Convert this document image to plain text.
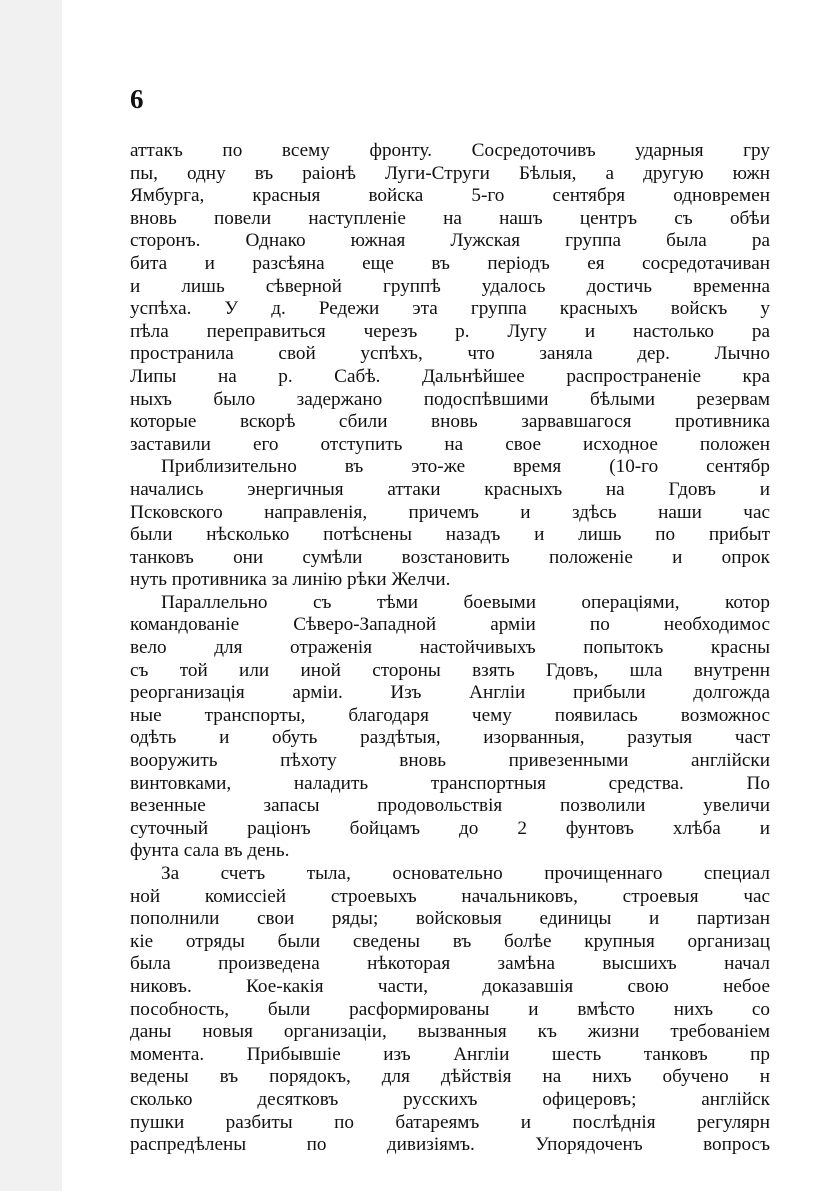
6
аттакъ по всему фронту. Сосредоточивъ ударныя гру
пы, одну въ раіонѣ Луги-Струги Бѣлыя, а другую южн
Ямбурга, красныя войска 5-го сентября одновремен
вновь повели наступленіе на нашъ центръ съ обѣи
сторонъ. Однако южная Лужская группа была ра
бита и разсѣяна еще въ періодъ ея сосредотачиван
и лишь сѣверной группѣ удалось достичь временна
успѣха. У д. Редежи эта группа красныхъ войскъ у
пѣла переправиться черезъ р. Лугу и настолько ра
пространила свой успѣхъ, что заняла дер. Лычно
Липы на р. Сабѣ. Дальнѣйшее распространеніе кра
ныхъ было задержано подоспѣвшими бѣлыми резервам
которые вскорѣ сбили вновь зарвавшагося противника
заставили его отступить на свое исходное положен
Приблизительно въ это-же время (10-го сентябр
начались энергичныя аттаки красныхъ на Гдовъ и
Псковского направленія, причемъ и здѣсь наши час
были нѣсколько потѣснены назадъ и лишь по прибыт
танковъ они сумѣли возстановить положеніе и опрок
нуть противника за линію рѣки Желчи.
Параллельно съ тѣми боевыми операціями, котор
командованіе Сѣверо-Западной арміи по необходимос
вело для отраженія настойчивыхъ попытокъ красны
съ той или иной стороны взять Гдовъ, шла внутренн
реорганизація арміи. Изъ Англіи прибыли долгожда
ные транспорты, благодаря чему появилась возможнос
одѣть и обуть раздѣтыя, изорванныя, разутыя част
вооружить пѣхоту вновь привезенными англійски
винтовками, наладить транспортныя средства. По
везенные запасы продовольствія позволили увеличи
суточный раціонъ бойцамъ до 2 фунтовъ хлѣба и
фунта сала въ день.
За счетъ тыла, основательно прочищеннаго специал
ной комиссіей строевыхъ начальниковъ, строевыя час
пополнили свои ряды; войсковыя единицы и партизан
кіе отряды были сведены въ болѣе крупныя организац
была произведена нѣкоторая замѣна высшихъ начал
никовъ. Кое-какія части, доказавшія свою небое
пособность, были расформированы и вмѣсто нихъ со
даны новыя организаціи, вызванныя къ жизни требованіем
момента. Прибывшіе изъ Англіи шесть танковъ пр
ведены въ порядокъ, для дѣйствія на нихъ обучено н
сколько десятковъ русскихъ офицеровъ; англійск
пушки разбиты по батареямъ и послѣднія регулярн
распредѣлены по дивизіямъ. Упорядоченъ вопросъ
